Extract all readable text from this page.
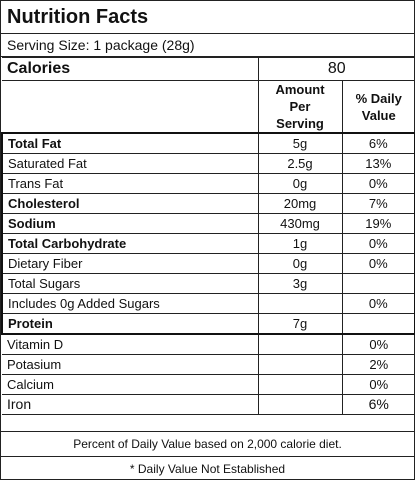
Nutrition Facts
Serving Size: 1 package (28g)
Calories	80	
	Amount Per Serving	% Daily Value
Total Fat	5g	6%
Saturated Fat	2.5g	13%
Trans Fat	0g	0%
Cholesterol	20mg	7%
Sodium	430mg	19%
Total Carbohydrate	1g	0%
Dietary Fiber	0g	0%
Total Sugars	3g	
Includes 0g Added Sugars		0%
Protein	7g	
Vitamin D		0%
Potasium		2%
Calcium		0%
Iron		6%
Percent of Daily Value based on 2,000 calorie diet.
* Daily Value Not Established
